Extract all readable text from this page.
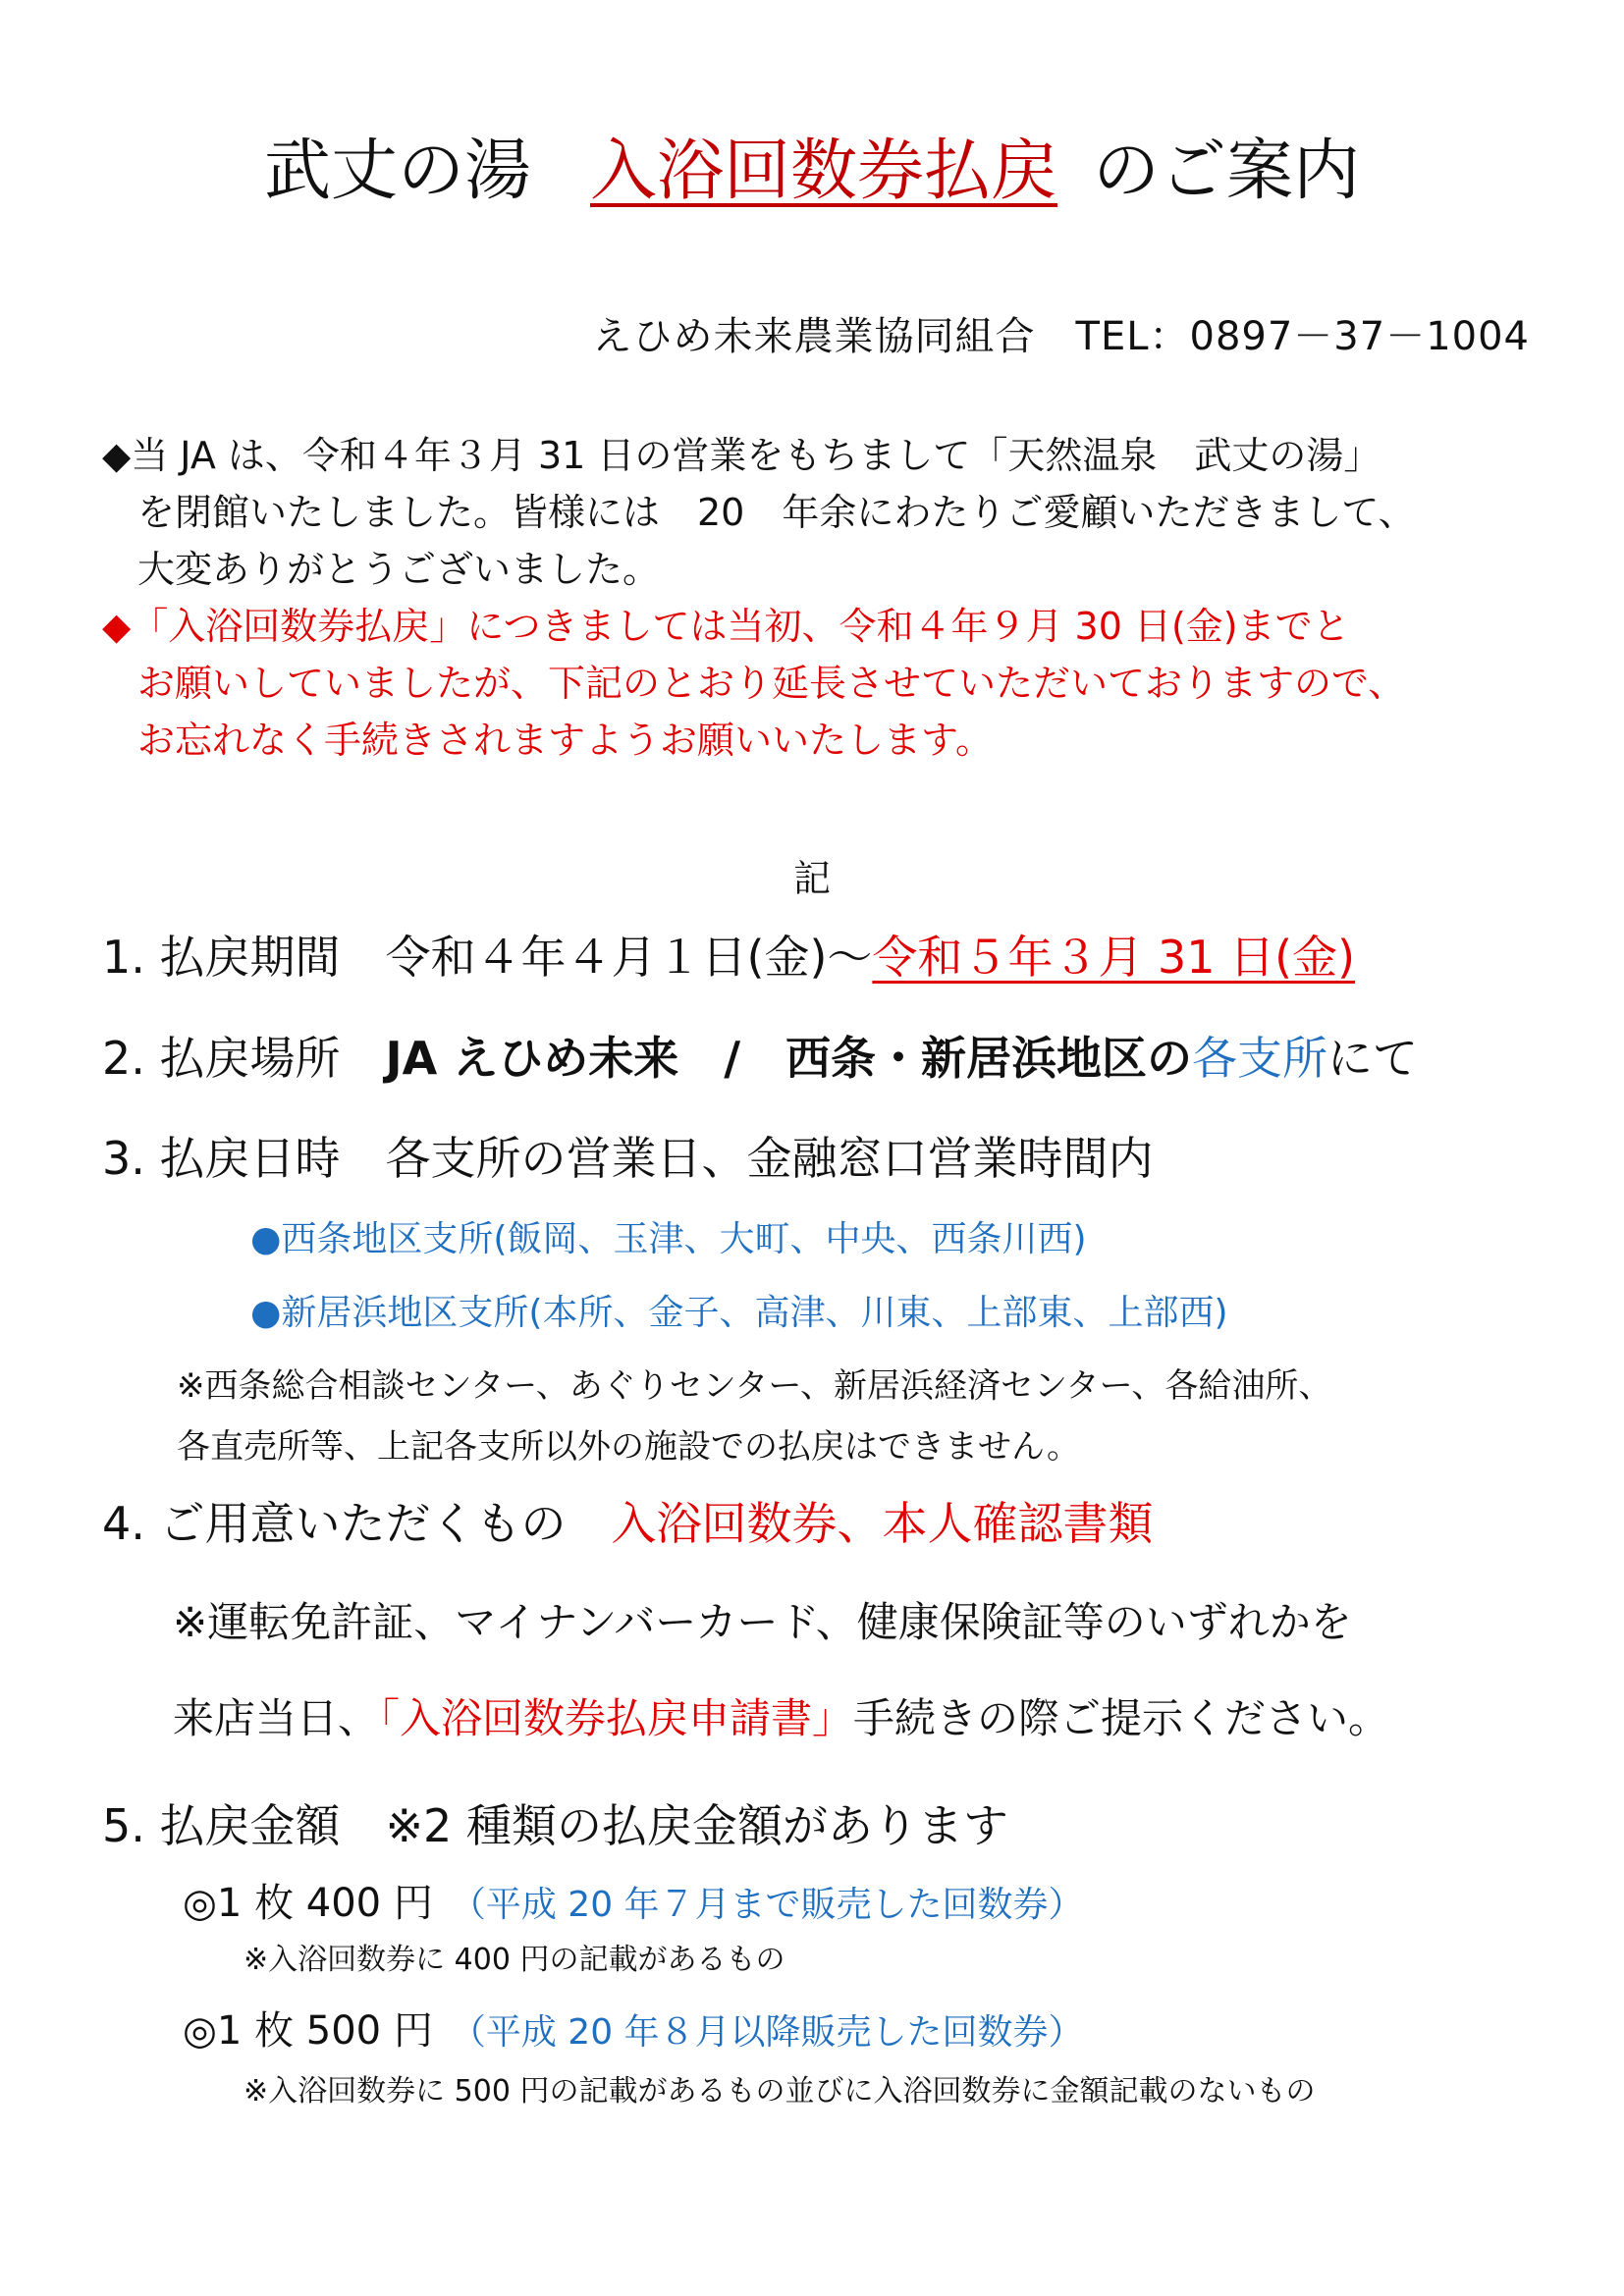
武丈の湯 入浴回数券払戻 のご案内
えひめ未来農業協同組合　TEL：0897－37－1004
◆当 JA は、令和４年３月 31 日の営業をもちまして「天然温泉　武丈の湯」
を閉館いたしました。皆様には　20　年余にわたりご愛顧いただきまして、
大変ありがとうございました。
◆「入浴回数券払戻」につきましては当初、令和４年９月 30 日(金)までと
お願いしていましたが、下記のとおり延長させていただいておりますので、
お忘れなく手続きされますようお願いいたします。
記
1. 払戻期間　令和４年４月１日(金)～令和５年３月 31 日(金)
2. 払戻場所　JA えひめ未来　/　西条・新居浜地区の各支所にて
3. 払戻日時　各支所の営業日、金融窓口営業時間内
●西条地区支所(飯岡、玉津、大町、中央、西条川西)
●新居浜地区支所(本所、金子、高津、川東、上部東、上部西)
※西条総合相談センター、あぐりセンター、新居浜経済センター、各給油所、
各直売所等、上記各支所以外の施設での払戻はできません。
4. ご用意いただくもの　入浴回数券、本人確認書類
※運転免許証、マイナンバーカード、健康保険証等のいずれかを
来店当日、「入浴回数券払戻申請書」手続きの際ご提示ください。
5. 払戻金額　※2 種類の払戻金額があります
◎1 枚 400 円 （平成 20 年７月まで販売した回数券）
※入浴回数券に 400 円の記載があるもの
◎1 枚 500 円 （平成 20 年８月以降販売した回数券）
※入浴回数券に 500 円の記載があるもの並びに入浴回数券に金額記載のないもの
